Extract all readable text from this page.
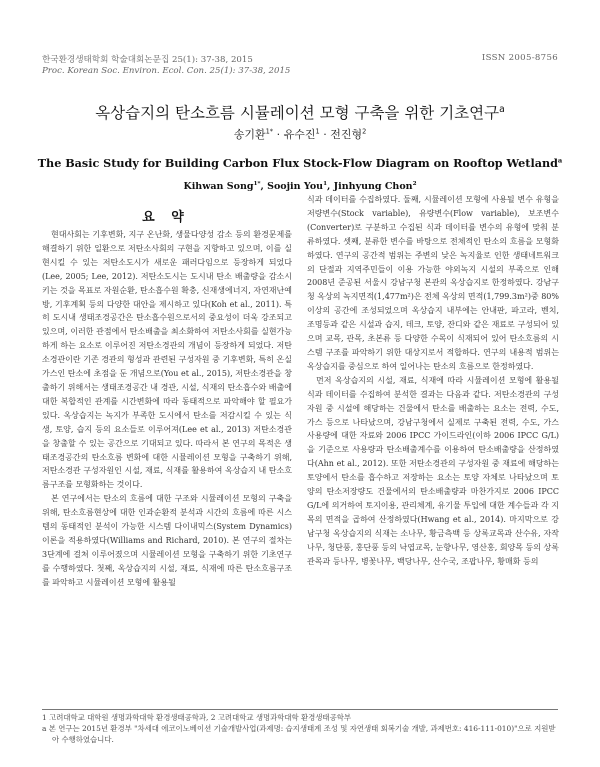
한국환경생태학회 학술대회논문집 25(1): 37-38, 2015
Proc. Korean Soc. Environ. Ecol. Con. 25(1): 37-38, 2015
ISSN 2005-8756
옥상습지의 탄소흐름 시뮬레이션 모형 구축을 위한 기초연구$^a$
송기환$^{1*}$ · 유수진$^1$ · 전진형$^2$
The Basic Study for Building Carbon Flux Stock-Flow Diagram on Rooftop Wetland$^a$
Kihwan Song$^{1*}$, Soojin You$^1$, Jinhyung Chon$^2$
요 약

현대사회는 기후변화, 지구 온난화, 생물다양성 감소 등의 환경문제를 해결하기 위한 일환으로 저탄소사회의 구현을 지향하고 있으며, 이를 실현시킬 수 있는 저탄소도시가 새로운 패러다임으로 등장하게 되었다(Lee, 2005; Lee, 2012). 저탄소도시는 도시내 탄소 배출량을 감소시키는 것을 목표로 자원순환, 탄소흡수원 확충, 신재생에너지, 자연재난예방, 기후계획 등의 다양한 대안을 제시하고 있다(Koh et al., 2011). 특히 도시내 생태조경공간은 탄소흡수원으로서의 중요성이 더욱 강조되고 있으며, 이러한 관점에서 탄소배출을 최소화하여 저탄소사회를 실현가능하게 하는 요소로 이루어진 저탄소경관의 개념이 등장하게 되었다. 저탄소경관이란 기존 경관의 형성과 관련된 구성자원 중 기후변화, 특히 온실가스인 탄소에 초점을 둔 개념으로(You et al., 2015), 저탄소경관을 창출하기 위해서는 생태조경공간 내 경관, 시설, 식재의 탄소흡수와 배출에 대한 복합적인 관계를 시간변화에 따라 동태적으로 파악해야 할 필요가 있다. 옥상습지는 녹지가 부족한 도시에서 탄소를 저감시킬 수 있는 식생, 토양, 습지 등의 요소들로 이루어져(Lee et al., 2013) 저탄소경관을 창출할 수 있는 공간으로 기대되고 있다. 따라서 본 연구의 목적은 생태조경공간의 탄소흐름 변화에 대한 시뮬레이션 모형을 구축하기 위해, 저탄소경관 구성자원인 시설, 재료, 식재를 활용하여 옥상습지 내 탄소흐름구조를 모형화하는 것이다.

본 연구에서는 탄소의 흐름에 대한 구조와 시뮬레이션 모형의 구축을 위해, 탄소흐름현상에 대한 인과순환적 분석과 시간의 흐름에 따른 시스템의 동태적인 분석이 가능한 시스템 다이내믹스(System Dynamics) 이론을 적용하였다(Williams and Richard, 2010). 본 연구의 절차는 3단계에 걸쳐 이루어졌으며 시뮬레이션 모형을 구축하기 위한 기초연구를 수행하였다. 첫째, 옥상습지의 시설, 재료, 식재에 따른 탄소흐름구조를 파악하고 시뮬레이션 모형에 활용될

식과 데이터를 수집하였다. 둘째, 시뮬레이션 모형에 사용될 변수 유형을 저량변수(Stock variable), 유량변수(Flow variable), 보조변수(Converter)로 구분하고 수집된 식과 데이터를 변수의 유형에 맞춰 분류하였다. 셋째, 분류한 변수를 바탕으로 전체적인 탄소의 흐름을 모형화하였다. 연구의 공간적 범위는 주변의 낮은 녹지율로 인한 생태네트워크의 단절과 지역주민들이 이용 가능한 야외녹지 시설의 부족으로 인해 2008년 준공된 서울시 강남구청 본관의 옥상습지로 한정하였다. 강남구청 옥상의 녹지면적(1,477m²)은 전체 옥상의 면적(1,799.3m²)중 80% 이상의 공간에 조성되었으며 옥상습지 내부에는 안내판, 파고라, 벤치, 조명등과 같은 시설과 습지, 데크, 토양, 잔디와 같은 재료로 구성되어 있으며 교목, 관목, 초본류 등 다양한 수목이 식재되어 있어 탄소흐름의 시스템 구조를 파악하기 위한 대상지로서 적합하다. 연구의 내용적 범위는 옥상습지를 중심으로 하여 일어나는 탄소의 흐름으로 한정하였다.

먼저 옥상습지의 시설, 재료, 식재에 따라 시뮬레이션 모형에 활용될 식과 데이터를 수집하여 분석한 결과는 다음과 같다. 저탄소경관의 구성자원 중 시설에 해당하는 건물에서 탄소를 배출하는 요소는 전력, 수도, 가스 등으로 나타났으며, 강남구청에서 실제로 구축된 전력, 수도, 가스 사용량에 대한 자료와 2006 IPCC 가이드라인(이하 2006 IPCC G/L)을 기준으로 사용량과 탄소배출계수를 이용하여 탄소배출량을 산정하였다(Ahn et al., 2012). 또한 저탄소경관의 구성자원 중 재료에 해당하는 토양에서 탄소를 흡수하고 저장하는 요소는 토양 자체로 나타났으며 토양의 탄소저장량도 건물에서의 탄소배출량과 마찬가지로 2006 IPCC G/L에 의거하여 토지이용, 관리체계, 유기물 투입에 대한 계수들과 각 지목의 면적을 곱하여 산정하였다(Hwang et al., 2014). 마지막으로 강남구청 옥상습지의 식재는 소나무, 황금측백 등 상록교목과 산수유, 자작나무, 청단풍, 홍단풍 등의 낙엽교목, 눈향나무, 영산홍, 회양목 등의 상록관목과 등나무, 병꽃나무, 백당나무, 산수국, 조팝나무, 황매화 등의

1 고려대학교 대학원 생명과학대학 환경생태공학과, 2 고려대학교 생명과학대학 환경생태공학부
a 본 연구는 2015년 환경부 "차세대 에코이노베이션 기술개발사업(과제명: 습지생태계 조성 및 자연생태 회복기술 개발, 과제번호: 416-111-010)"으로 지원받아 수행하였습니다.
